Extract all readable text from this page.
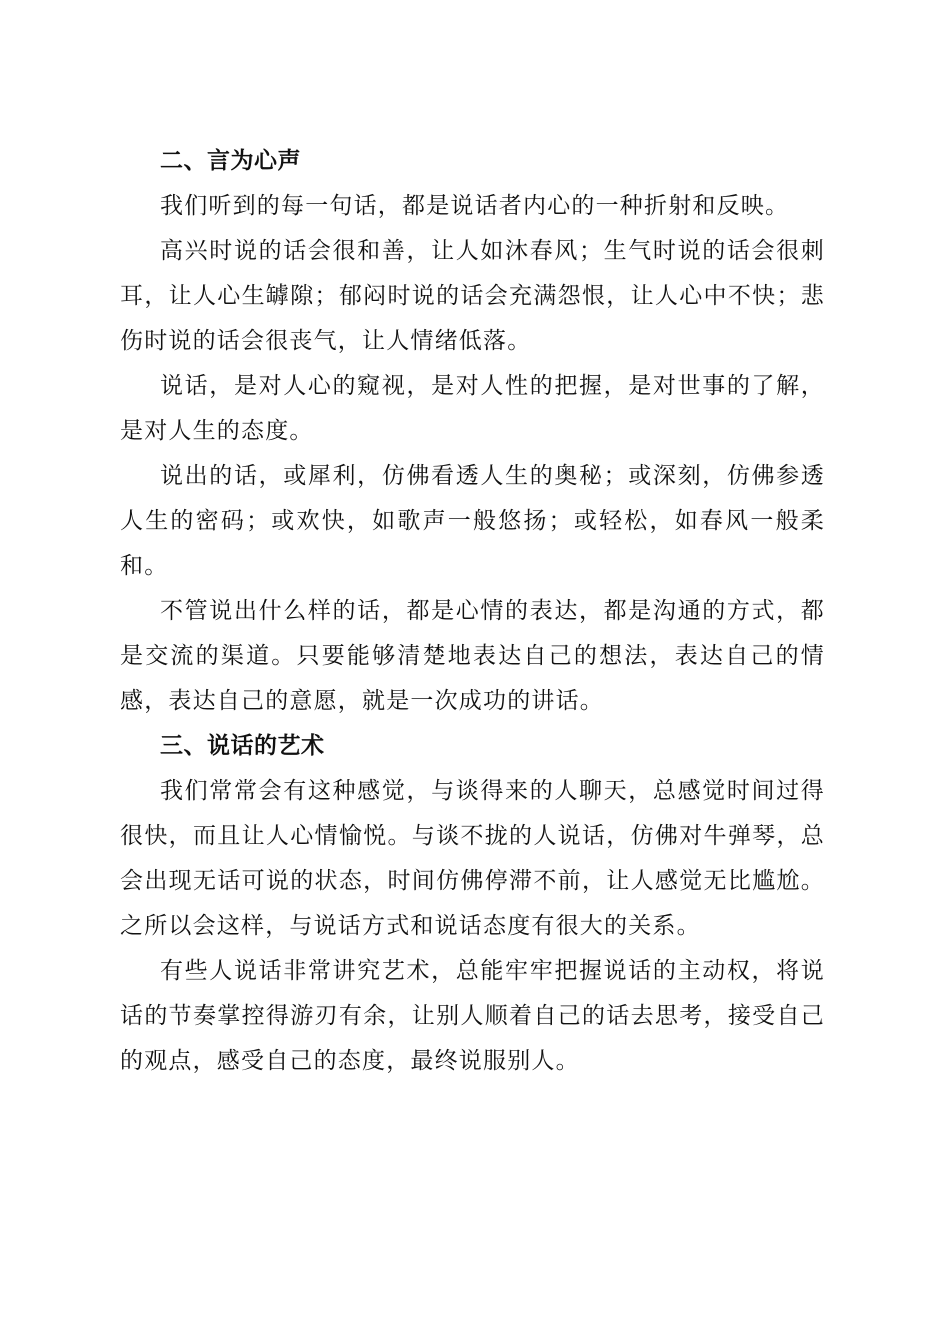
二、言为心声

我们听到的每一句话，都是说话者内心的一种折射和反映。

高兴时说的话会很和善，让人如沐春风；生气时说的话会很刺耳，让人心生罅隙；郁闷时说的话会充满怨恨，让人心中不快；悲伤时说的话会很丧气，让人情绪低落。

说话，是对人心的窥视，是对人性的把握，是对世事的了解，是对人生的态度。

说出的话，或犀利，仿佛看透人生的奥秘；或深刻，仿佛参透人生的密码；或欢快，如歌声一般悠扬；或轻松，如春风一般柔和。

不管说出什么样的话，都是心情的表达，都是沟通的方式，都是交流的渠道。只要能够清楚地表达自己的想法，表达自己的情感，表达自己的意愿，就是一次成功的讲话。

三、说话的艺术

我们常常会有这种感觉，与谈得来的人聊天，总感觉时间过得很快，而且让人心情愉悦。与谈不拢的人说话，仿佛对牛弹琴，总会出现无话可说的状态，时间仿佛停滞不前，让人感觉无比尴尬。之所以会这样，与说话方式和说话态度有很大的关系。

有些人说话非常讲究艺术，总能牢牢把握说话的主动权，将说话的节奏掌控得游刃有余，让别人顺着自己的话去思考，接受自己的观点，感受自己的态度，最终说服别人。
